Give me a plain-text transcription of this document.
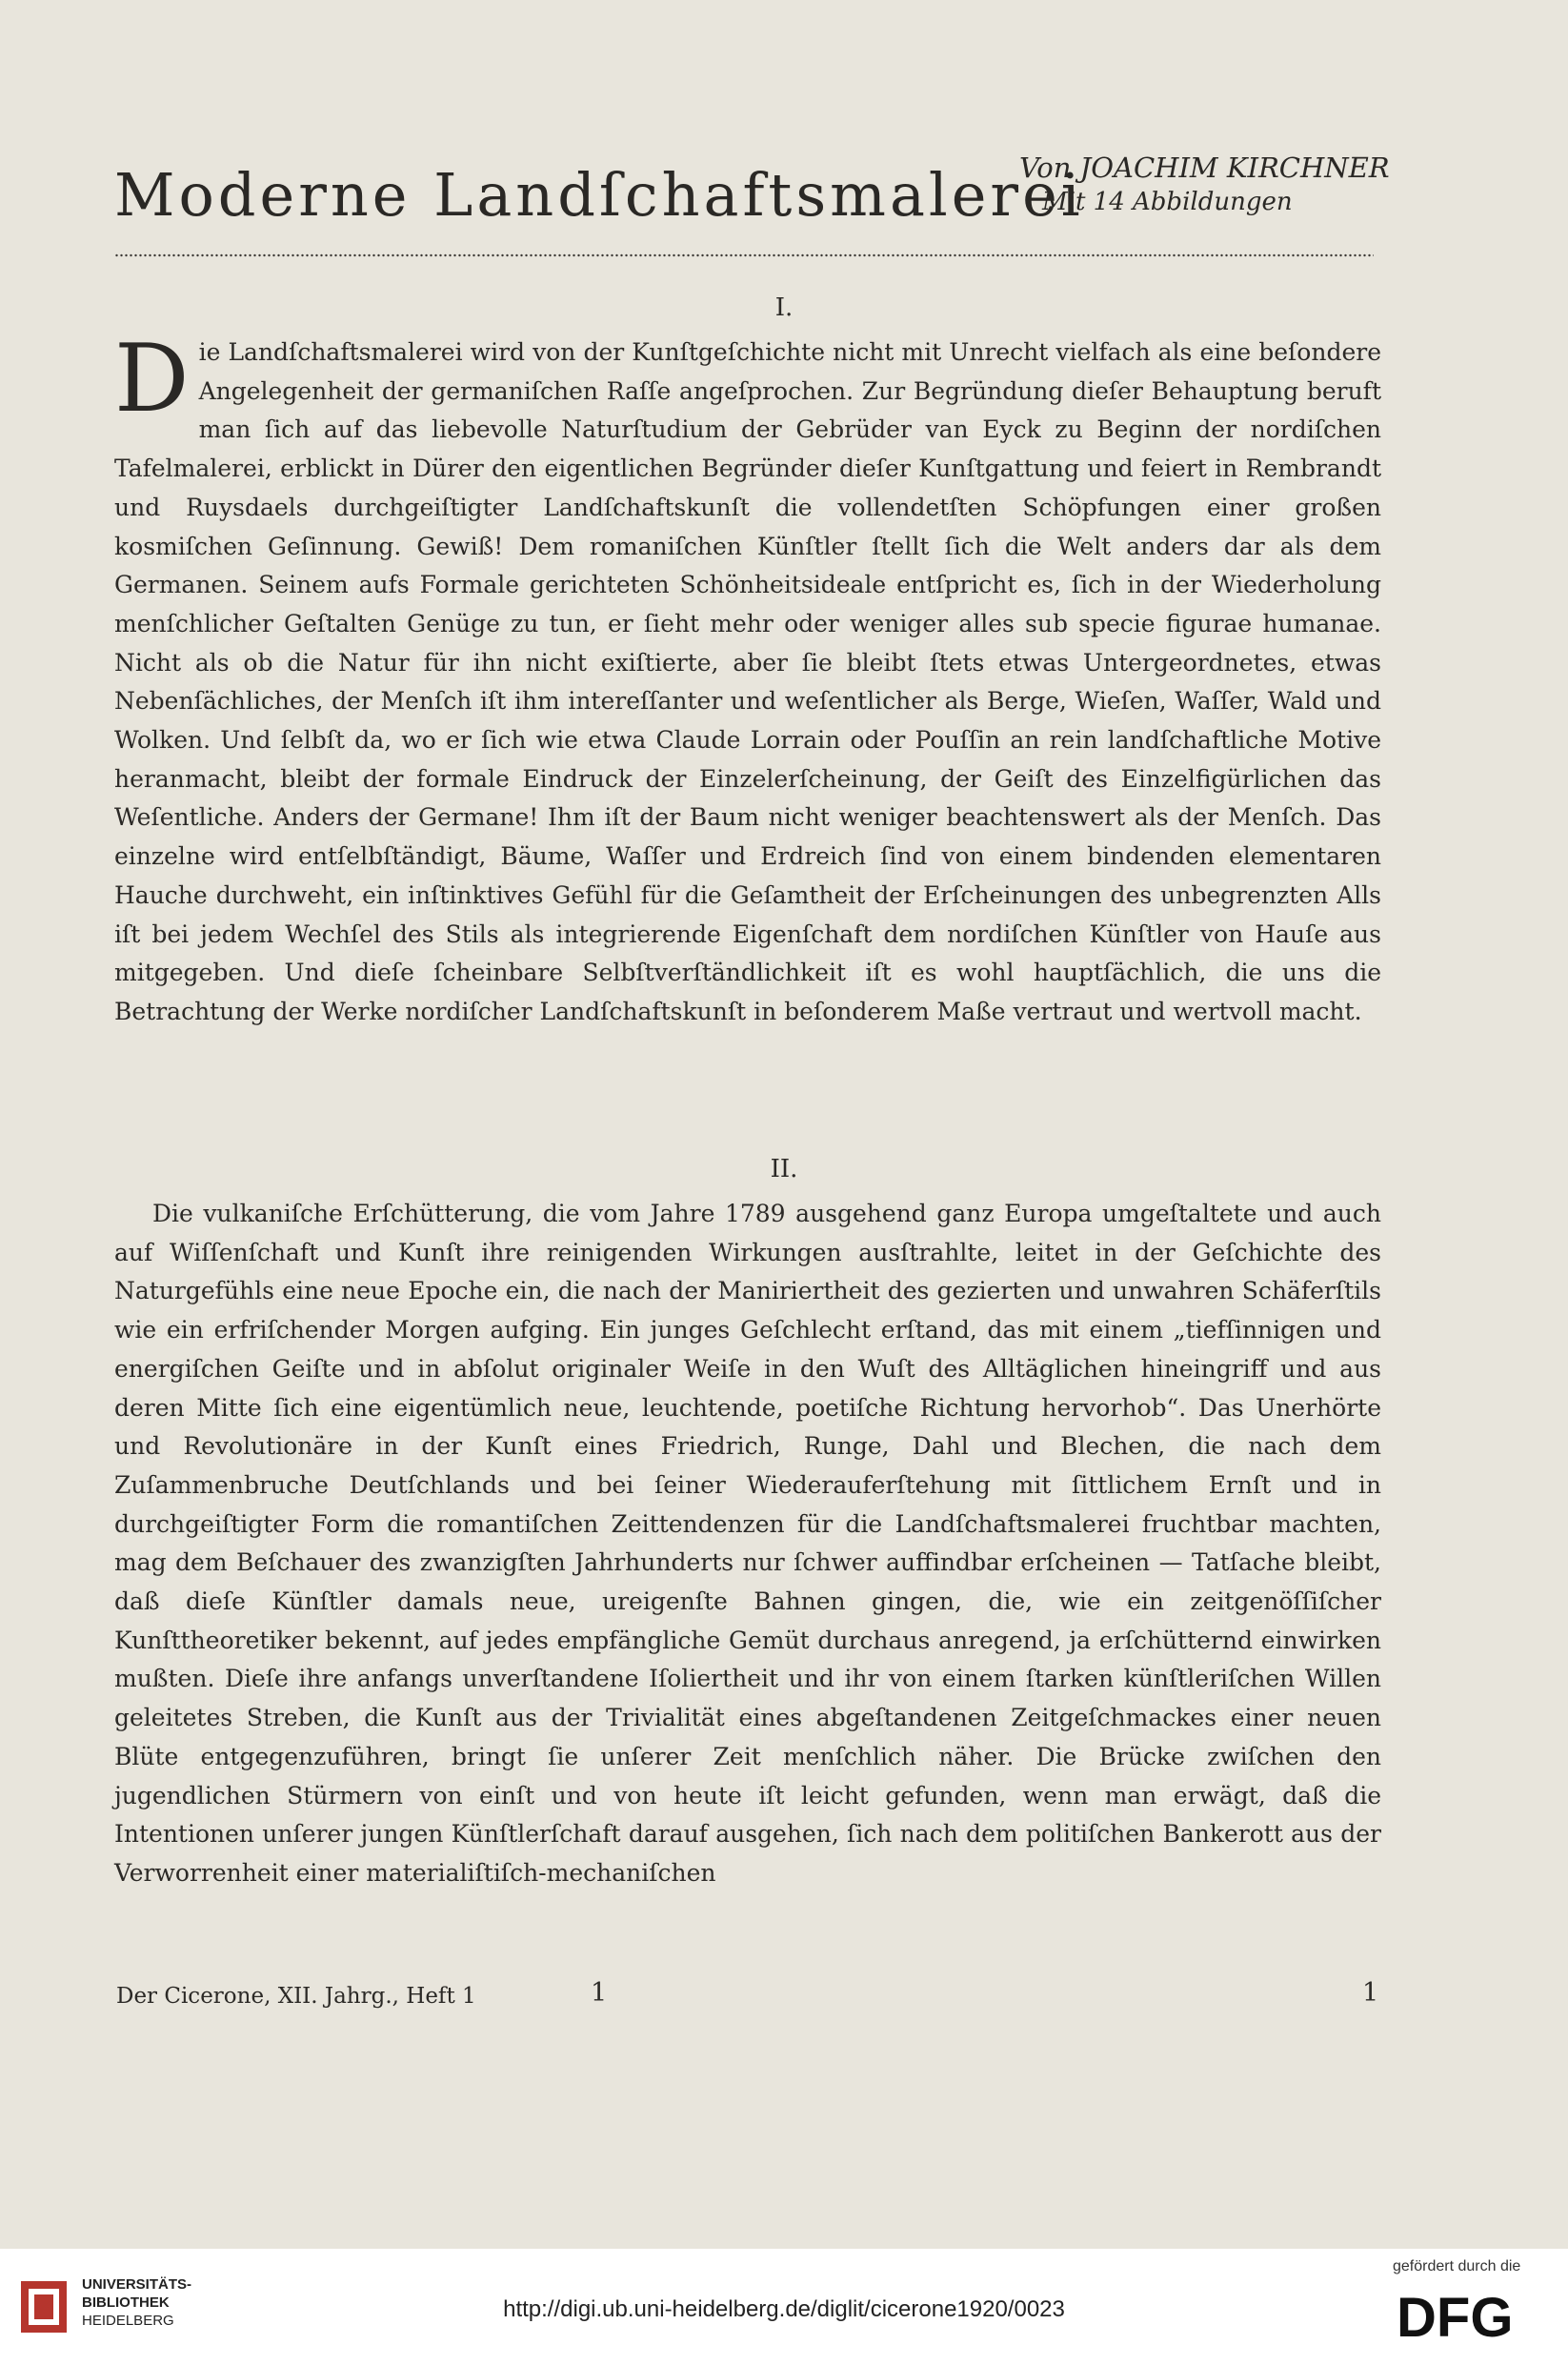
Moderne Landſchaftsmalerei
Von JOACHIM KIRCHNER
Mit 14 Abbildungen
I.

Die Landſchaftsmalerei wird von der Kunſtgeſchichte nicht mit Unrecht vielfach als eine beſondere Angelegenheit der germaniſchen Raſſe angeſprochen. Zur Begründung dieſer Behauptung beruft man ſich auf das liebevolle Naturſtudium der Gebrüder van Eyck zu Beginn der nordiſchen Tafelmalerei, erblickt in Dürer den eigentlichen Begründer dieſer Kunſtgattung und feiert in Rembrandt und Ruysdaels durchgeiſtigter Landſchaftskunſt die vollendetſten Schöpfungen einer großen kosmiſchen Geſinnung. Gewiß! Dem romaniſchen Künſtler ſtellt ſich die Welt anders dar als dem Germanen. Seinem aufs Formale gerichteten Schönheitsideale entſpricht es, ſich in der Wiederholung menſchlicher Geſtalten Genüge zu tun, er ſieht mehr oder weniger alles sub specie figurae humanae. Nicht als ob die Natur für ihn nicht exiſtierte, aber ſie bleibt ſtets etwas Untergeordnetes, etwas Nebenſächliches, der Menſch iſt ihm intereſſanter und weſentlicher als Berge, Wieſen, Waſſer, Wald und Wolken. Und ſelbſt da, wo er ſich wie etwa Claude Lorrain oder Pouſſin an rein landſchaftliche Motive heranmacht, bleibt der formale Eindruck der Einzelerſcheinung, der Geiſt des Einzelfigürlichen das Weſentliche. Anders der Germane! Ihm iſt der Baum nicht weniger beachtenswert als der Menſch. Das einzelne wird entſelbſtändigt, Bäume, Waſſer und Erdreich ſind von einem bindenden elementaren Hauche durchweht, ein inſtinktives Gefühl für die Geſamtheit der Erſcheinungen des unbegrenzten Alls iſt bei jedem Wechſel des Stils als integrierende Eigenſchaft dem nordiſchen Künſtler von Hauſe aus mitgegeben. Und dieſe ſcheinbare Selbſtverſtändlichkeit iſt es wohl hauptſächlich, die uns die Betrachtung der Werke nordiſcher Landſchaftskunſt in beſonderem Maße vertraut und wertvoll macht.

II.

Die vulkaniſche Erſchütterung, die vom Jahre 1789 ausgehend ganz Europa umgeſtaltete und auch auf Wiſſenſchaft und Kunſt ihre reinigenden Wirkungen ausſtrahlte, leitet in der Geſchichte des Naturgefühls eine neue Epoche ein, die nach der Maniriertheit des gezierten und unwahren Schäferſtils wie ein erfriſchender Morgen aufging. Ein junges Geſchlecht erſtand, das mit einem „tiefſinnigen und energiſchen Geiſte und in abſolut originaler Weiſe in den Wuſt des Alltäglichen hineingriff und aus deren Mitte ſich eine eigentümlich neue, leuchtende, poetiſche Richtung hervorhob“. Das Unerhörte und Revolutionäre in der Kunſt eines Friedrich, Runge, Dahl und Blechen, die nach dem Zuſammenbruche Deutſchlands und bei ſeiner Wiederauferſtehung mit ſittlichem Ernſt und in durchgeiſtigter Form die romantiſchen Zeittendenzen für die Landſchaftsmalerei fruchtbar machten, mag dem Beſchauer des zwanzigſten Jahrhunderts nur ſchwer auffindbar erſcheinen — Tatſache bleibt, daß dieſe Künſtler damals neue, ureigenſte Bahnen gingen, die, wie ein zeitgenöſſiſcher Kunſttheoretiker bekennt, auf jedes empfängliche Gemüt durchaus anregend, ja erſchütternd einwirken mußten. Dieſe ihre anfangs unverſtandene Iſoliertheit und ihr von einem ſtarken künſtleriſchen Willen geleitetes Streben, die Kunſt aus der Trivialität eines abgeſtandenen Zeitgeſchmackes einer neuen Blüte entgegenzuführen, bringt ſie unſerer Zeit menſchlich näher. Die Brücke zwiſchen den jugendlichen Stürmern von einſt und von heute iſt leicht gefunden, wenn man erwägt, daß die Intentionen unſerer jungen Künſtlerſchaft darauf ausgehen, ſich nach dem politiſchen Bankerott aus der Verworrenheit einer materialiſtiſch-mechaniſchen

Der Cicerone, XII. Jahrg., Heft 1	1	1
UNIVERSITÄTS-
BIBLIOTHEK
HEIDELBERG	http://digi.ub.uni-heidelberg.de/diglit/cicerone1920/0023
gefördert durch die
DFG
